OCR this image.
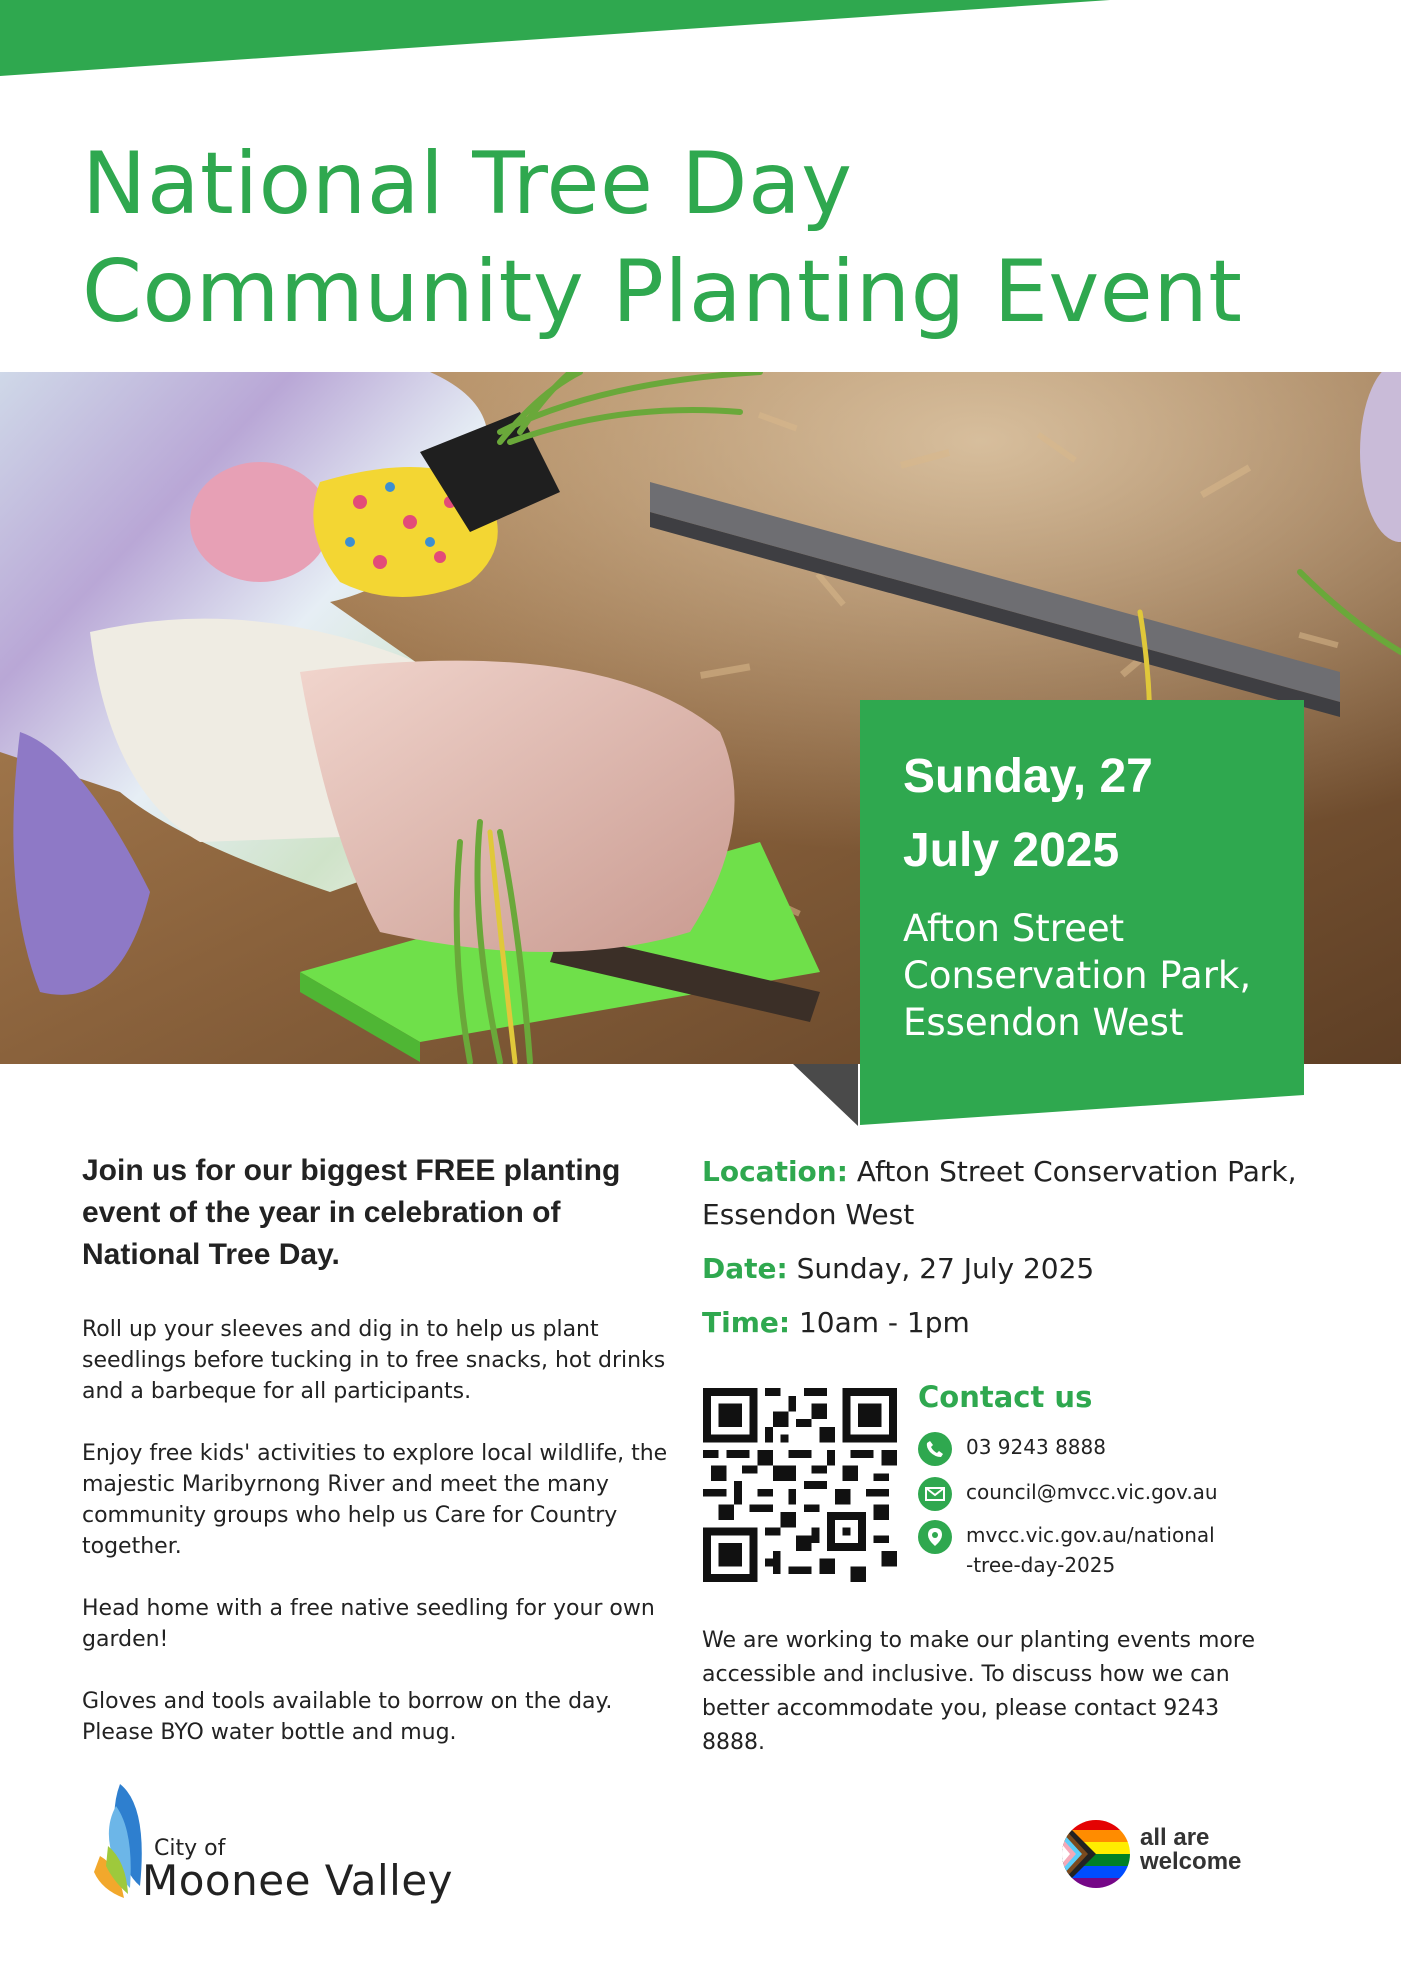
National Tree Day
Community Planting Event
Sunday, 27
July 2025
Afton Street
Conservation Park,
Essendon West
Join us for our biggest FREE planting event of the year in celebration of National Tree Day.

Roll up your sleeves and dig in to help us plant seedlings before tucking in to free snacks, hot drinks and a barbeque for all participants.

Enjoy free kids' activities to explore local wildlife, the majestic Maribyrnong River and meet the many community groups who help us Care for Country together.

Head home with a free native seedling for your own garden!

Gloves and tools available to borrow on the day. Please BYO water bottle and mug.

Location: Afton Street Conservation Park, Essendon West
Date: Sunday, 27 July 2025
Time: 10am - 1pm
Contact us
03 9243 8888
council@mvcc.vic.gov.au
mvcc.vic.gov.au/national
-tree-day-2025
We are working to make our planting events more accessible and inclusive. To discuss how we can better accommodate you, please contact 9243 8888.
City of
Moonee Valley
all are
welcome
